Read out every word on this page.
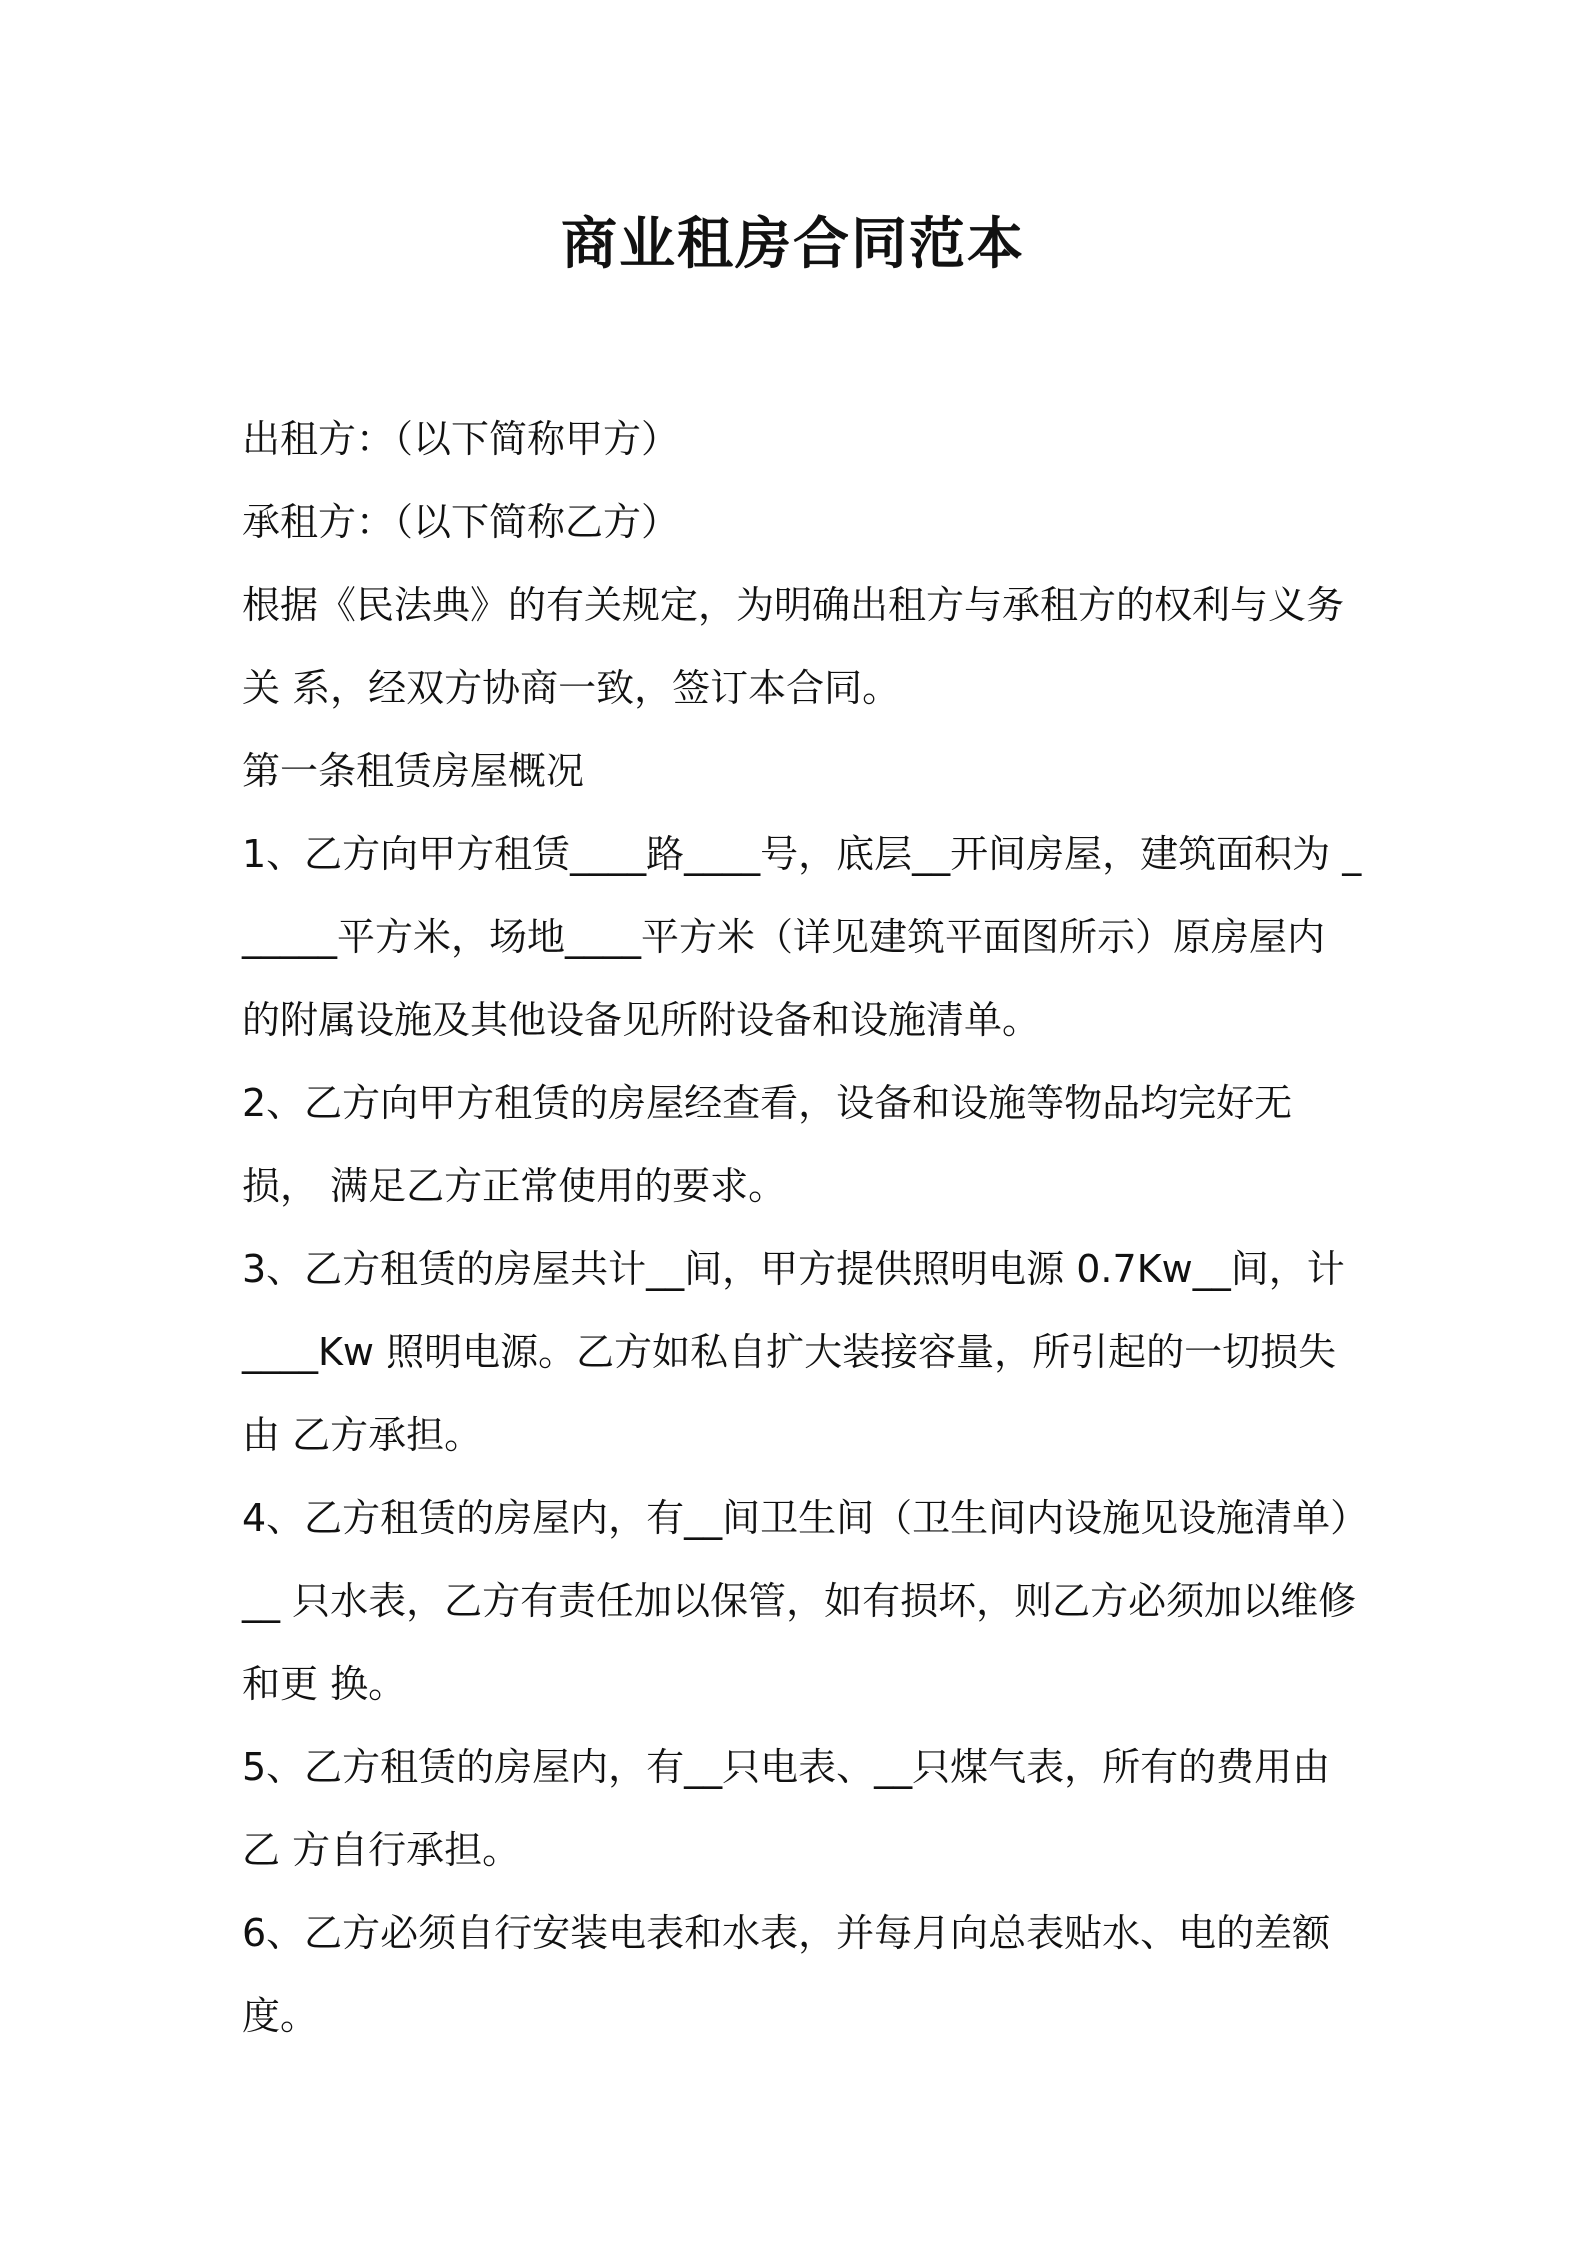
商业租房合同范本

出租方：（以下简称甲方）

承租方：（以下简称乙方）

根据《民法典》的有关规定，为明确出租方与承租方的权利与义务关 系，经双方协商一致，签订本合同。

第一条租赁房屋概况

1、乙方向甲方租赁____路____号，底层__开间房屋，建筑面积为 ______平方米，场地____平方米（详见建筑平面图所示）原房屋内 的附属设施及其他设备见所附设备和设施清单。

2、乙方向甲方租赁的房屋经查看，设备和设施等物品均完好无损， 满足乙方正常使用的要求。

3、乙方租赁的房屋共计__间，甲方提供照明电源 0.7Kw__间，计 ____Kw 照明电源。乙方如私自扩大装接容量，所引起的一切损失由 乙方承担。

4、乙方租赁的房屋内，有__间卫生间（卫生间内设施见设施清单）__ 只水表，乙方有责任加以保管，如有损坏，则乙方必须加以维修和更 换。

5、乙方租赁的房屋内，有__只电表、__只煤气表，所有的费用由乙 方自行承担。

6、乙方必须自行安装电表和水表，并每月向总表贴水、电的差额度。
